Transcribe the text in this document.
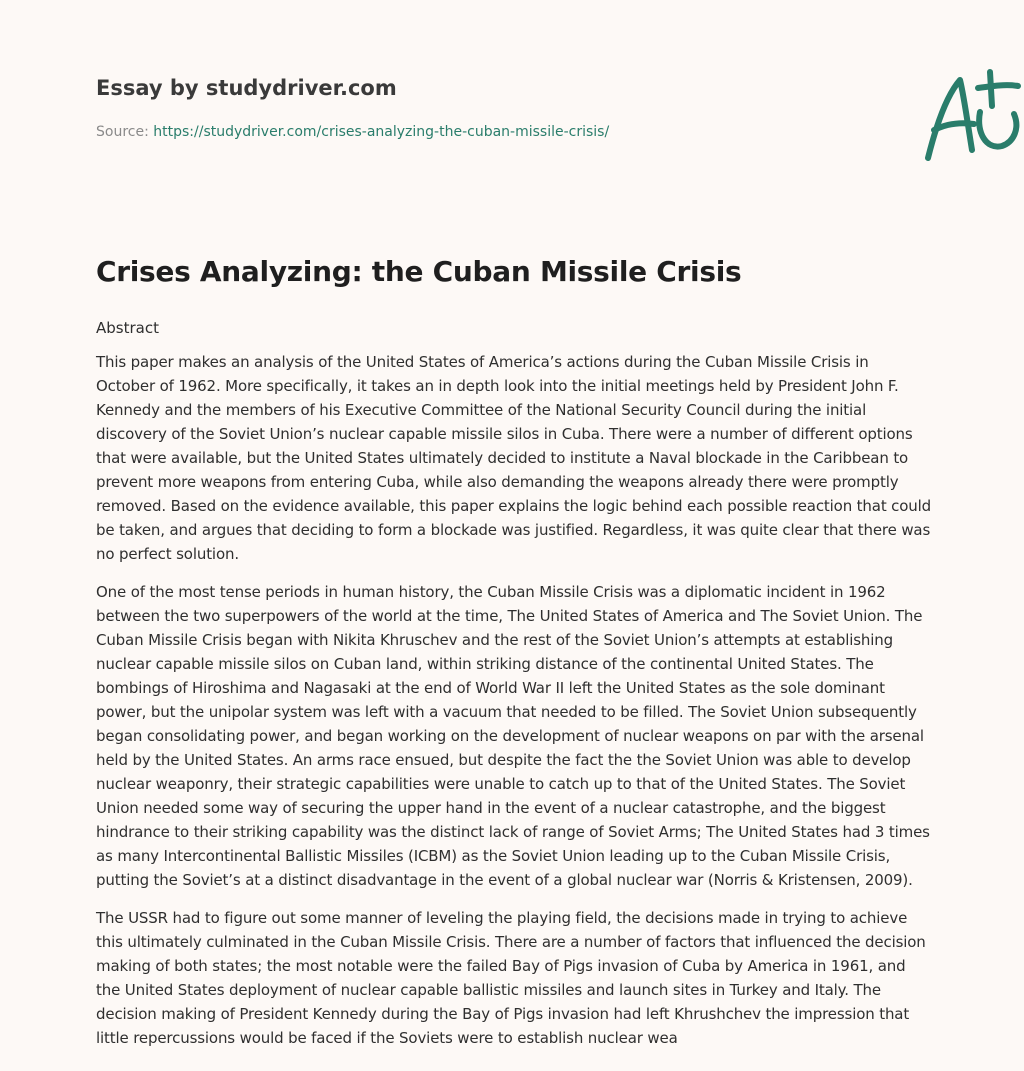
Essay by studydriver.com
Source: https://studydriver.com/crises-analyzing-the-cuban-missile-crisis/
Crises Analyzing: the Cuban Missile Crisis

Abstract

This paper makes an analysis of the United States of America’s actions during the Cuban Missile Crisis in October of 1962. More specifically, it takes an in depth look into the initial meetings held by President John F. Kennedy and the members of his Executive Committee of the National Security Council during the initial discovery of the Soviet Union’s nuclear capable missile silos in Cuba. There were a number of different options that were available, but the United States ultimately decided to institute a Naval blockade in the Caribbean to prevent more weapons from entering Cuba, while also demanding the weapons already there were promptly removed. Based on the evidence available, this paper explains the logic behind each possible reaction that could be taken, and argues that deciding to form a blockade was justified. Regardless, it was quite clear that there was no perfect solution.

One of the most tense periods in human history, the Cuban Missile Crisis was a diplomatic incident in 1962 between the two superpowers of the world at the time, The United States of America and The Soviet Union. The Cuban Missile Crisis began with Nikita Khruschev and the rest of the Soviet Union’s attempts at establishing nuclear capable missile silos on Cuban land, within striking distance of the continental United States. The bombings of Hiroshima and Nagasaki at the end of World War II left the United States as the sole dominant power, but the unipolar system was left with a vacuum that needed to be filled. The Soviet Union subsequently began consolidating power, and began working on the development of nuclear weapons on par with the arsenal held by the United States. An arms race ensued, but despite the fact the the Soviet Union was able to develop nuclear weaponry, their strategic capabilities were unable to catch up to that of the United States. The Soviet Union needed some way of securing the upper hand in the event of a nuclear catastrophe, and the biggest hindrance to their striking capability was the distinct lack of range of Soviet Arms; The United States had 3 times as many Intercontinental Ballistic Missiles (ICBM) as the Soviet Union leading up to the Cuban Missile Crisis, putting the Soviet’s at a distinct disadvantage in the event of a global nuclear war (Norris & Kristensen, 2009).

The USSR had to figure out some manner of leveling the playing field, the decisions made in trying to achieve this ultimately culminated in the Cuban Missile Crisis. There are a number of factors that influenced the decision making of both states; the most notable were the failed Bay of Pigs invasion of Cuba by America in 1961, and the United States deployment of nuclear capable ballistic missiles and launch sites in Turkey and Italy. The decision making of President Kennedy during the Bay of Pigs invasion had left Khrushchev the impression that little repercussions would be faced if the Soviets were to establish nuclear wea
